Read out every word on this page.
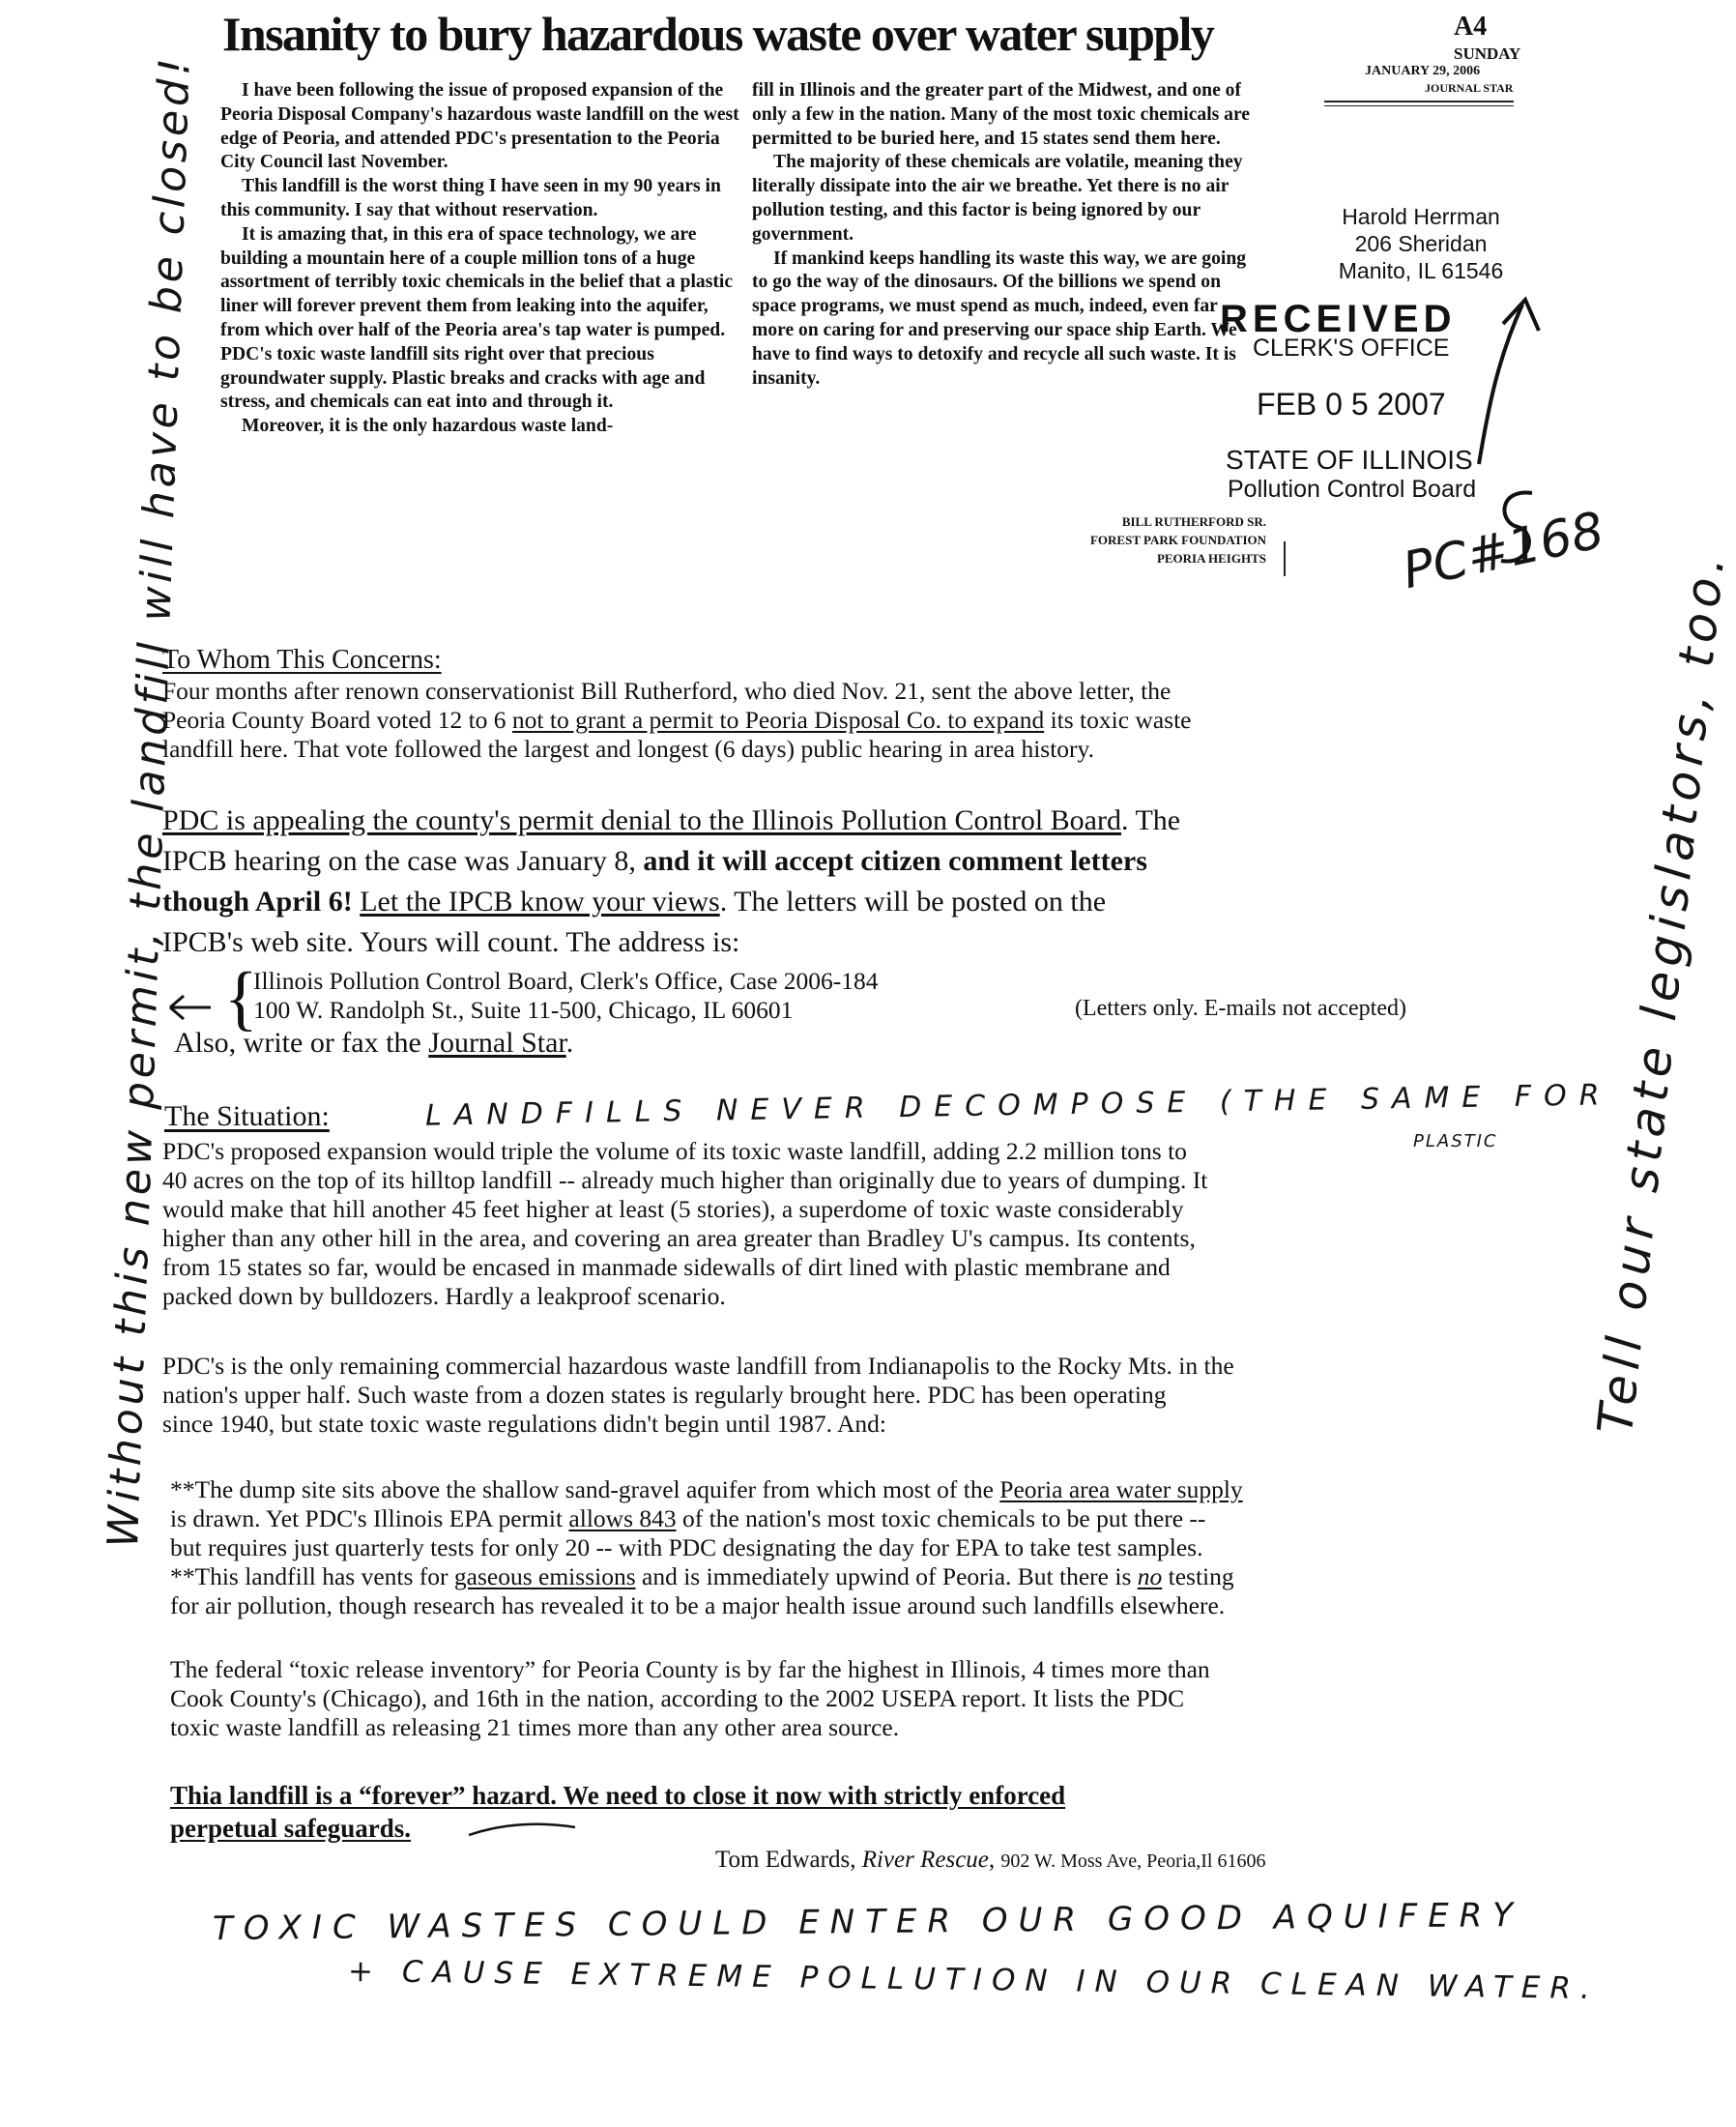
Insanity to bury hazardous waste over water supply	A4
SUNDAY
JANUARY 29, 2006
JOURNAL STAR

I have been following the issue of proposed expansion of the Peoria Disposal Company's hazardous waste landfill on the west edge of Peoria, and attended PDC's presentation to the Peoria City Council last November.

This landfill is the worst thing I have seen in my 90 years in this community. I say that without reservation.

It is amazing that, in this era of space technology, we are building a mountain here of a couple million tons of a huge assortment of terribly toxic chemicals in the belief that a plastic liner will forever prevent them from leaking into the aquifer, from which over half of the Peoria area's tap water is pumped. PDC's toxic waste landfill sits right over that precious groundwater supply. Plastic breaks and cracks with age and stress, and chemicals can eat into and through it.

Moreover, it is the only hazardous waste land-

fill in Illinois and the greater part of the Midwest, and one of only a few in the nation. Many of the most toxic chemicals are permitted to be buried here, and 15 states send them here.

The majority of these chemicals are volatile, meaning they literally dissipate into the air we breathe. Yet there is no air pollution testing, and this factor is being ignored by our government.

If mankind keeps handling its waste this way, we are going to go the way of the dinosaurs. Of the billions we spend on space programs, we must spend as much, indeed, even far more on caring for and preserving our space ship Earth. We have to find ways to detoxify and recycle all such waste. It is insanity.

BILL RUTHERFORD SR.
FOREST PARK FOUNDATION
PEORIA HEIGHTS
Harold Herrman
206 Sheridan
Manito, IL 61546
RECEIVED
CLERK'S OFFICE
FEB 0 5 2007
STATE OF ILLINOIS
Pollution Control Board
PC#168
To Whom This Concerns:

Four months after renown conservationist Bill Rutherford, who died Nov. 21, sent the above letter, the

Peoria County Board voted 12 to 6 not to grant a permit to Peoria Disposal Co. to expand its toxic waste

landfill here. That vote followed the largest and longest (6 days) public hearing in area history.

PDC is appealing the county's permit denial to the Illinois Pollution Control Board. The

IPCB hearing on the case was January 8, and it will accept citizen comment letters

though April 6! Let the IPCB know your views. The letters will be posted on the

IPCB's web site. Yours will count. The address is:

{
Illinois Pollution Control Board, Clerk's Office, Case 2006-184
100 W. Randolph St., Suite 11-500, Chicago, IL 60601	(Letters only. E-mails not accepted)
Also, write or fax the Journal Star.
The Situation:	LANDFILLS NEVER DECOMPOSE (THE SAME FOR
PLASTIC

PDC's proposed expansion would triple the volume of its toxic waste landfill, adding 2.2 million tons to

40 acres on the top of its hilltop landfill -- already much higher than originally due to years of dumping. It

would make that hill another 45 feet higher at least (5 stories), a superdome of toxic waste considerably

higher than any other hill in the area, and covering an area greater than Bradley U's campus. Its contents,

from 15 states so far, would be encased in manmade sidewalls of dirt lined with plastic membrane and

packed down by bulldozers. Hardly a leakproof scenario.

PDC's is the only remaining commercial hazardous waste landfill from Indianapolis to the Rocky Mts. in the

nation's upper half. Such waste from a dozen states is regularly brought here. PDC has been operating

since 1940, but state toxic waste regulations didn't begin until 1987. And:

**The dump site sits above the shallow sand-gravel aquifer from which most of the Peoria area water supply

is drawn. Yet PDC's Illinois EPA permit allows 843 of the nation's most toxic chemicals to be put there --

but requires just quarterly tests for only 20 -- with PDC designating the day for EPA to take test samples.

**This landfill has vents for gaseous emissions and is immediately upwind of Peoria. But there is no testing

for air pollution, though research has revealed it to be a major health issue around such landfills elsewhere.

The federal “toxic release inventory” for Peoria County is by far the highest in Illinois, 4 times more than

Cook County's (Chicago), and 16th in the nation, according to the 2002 USEPA report. It lists the PDC

toxic waste landfill as releasing 21 times more than any other area source.

Thia landfill is a “forever” hazard. We need to close it now with strictly enforced
perpetual safeguards.
Tom Edwards, River Rescue, 902 W. Moss Ave, Peoria,Il 61606
TOXIC WASTES COULD ENTER OUR GOOD AQUIFERY
+ CAUSE EXTREME POLLUTION IN OUR CLEAN WATER.
Without this new permit, the landfill will have to be closed!	Tell our state legislators, too.
